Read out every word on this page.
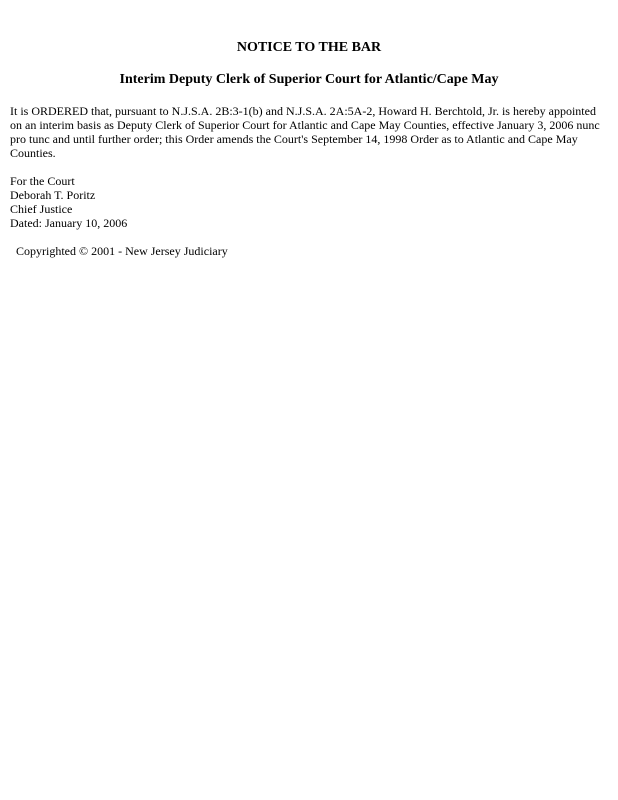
NOTICE TO THE BAR
Interim Deputy Clerk of Superior Court for Atlantic/Cape May

It is ORDERED that, pursuant to N.J.S.A. 2B:3-1(b) and N.J.S.A. 2A:5A-2, Howard H. Berchtold, Jr. is hereby appointed on an interim basis as Deputy Clerk of Superior Court for Atlantic and Cape May Counties, effective January 3, 2006 nunc pro tunc and until further order; this Order amends the Court's September 14, 1998 Order as to Atlantic and Cape May Counties.

For the Court
Deborah T. Poritz
Chief Justice
Dated: January 10, 2006
Copyrighted © 2001 - New Jersey Judiciary
